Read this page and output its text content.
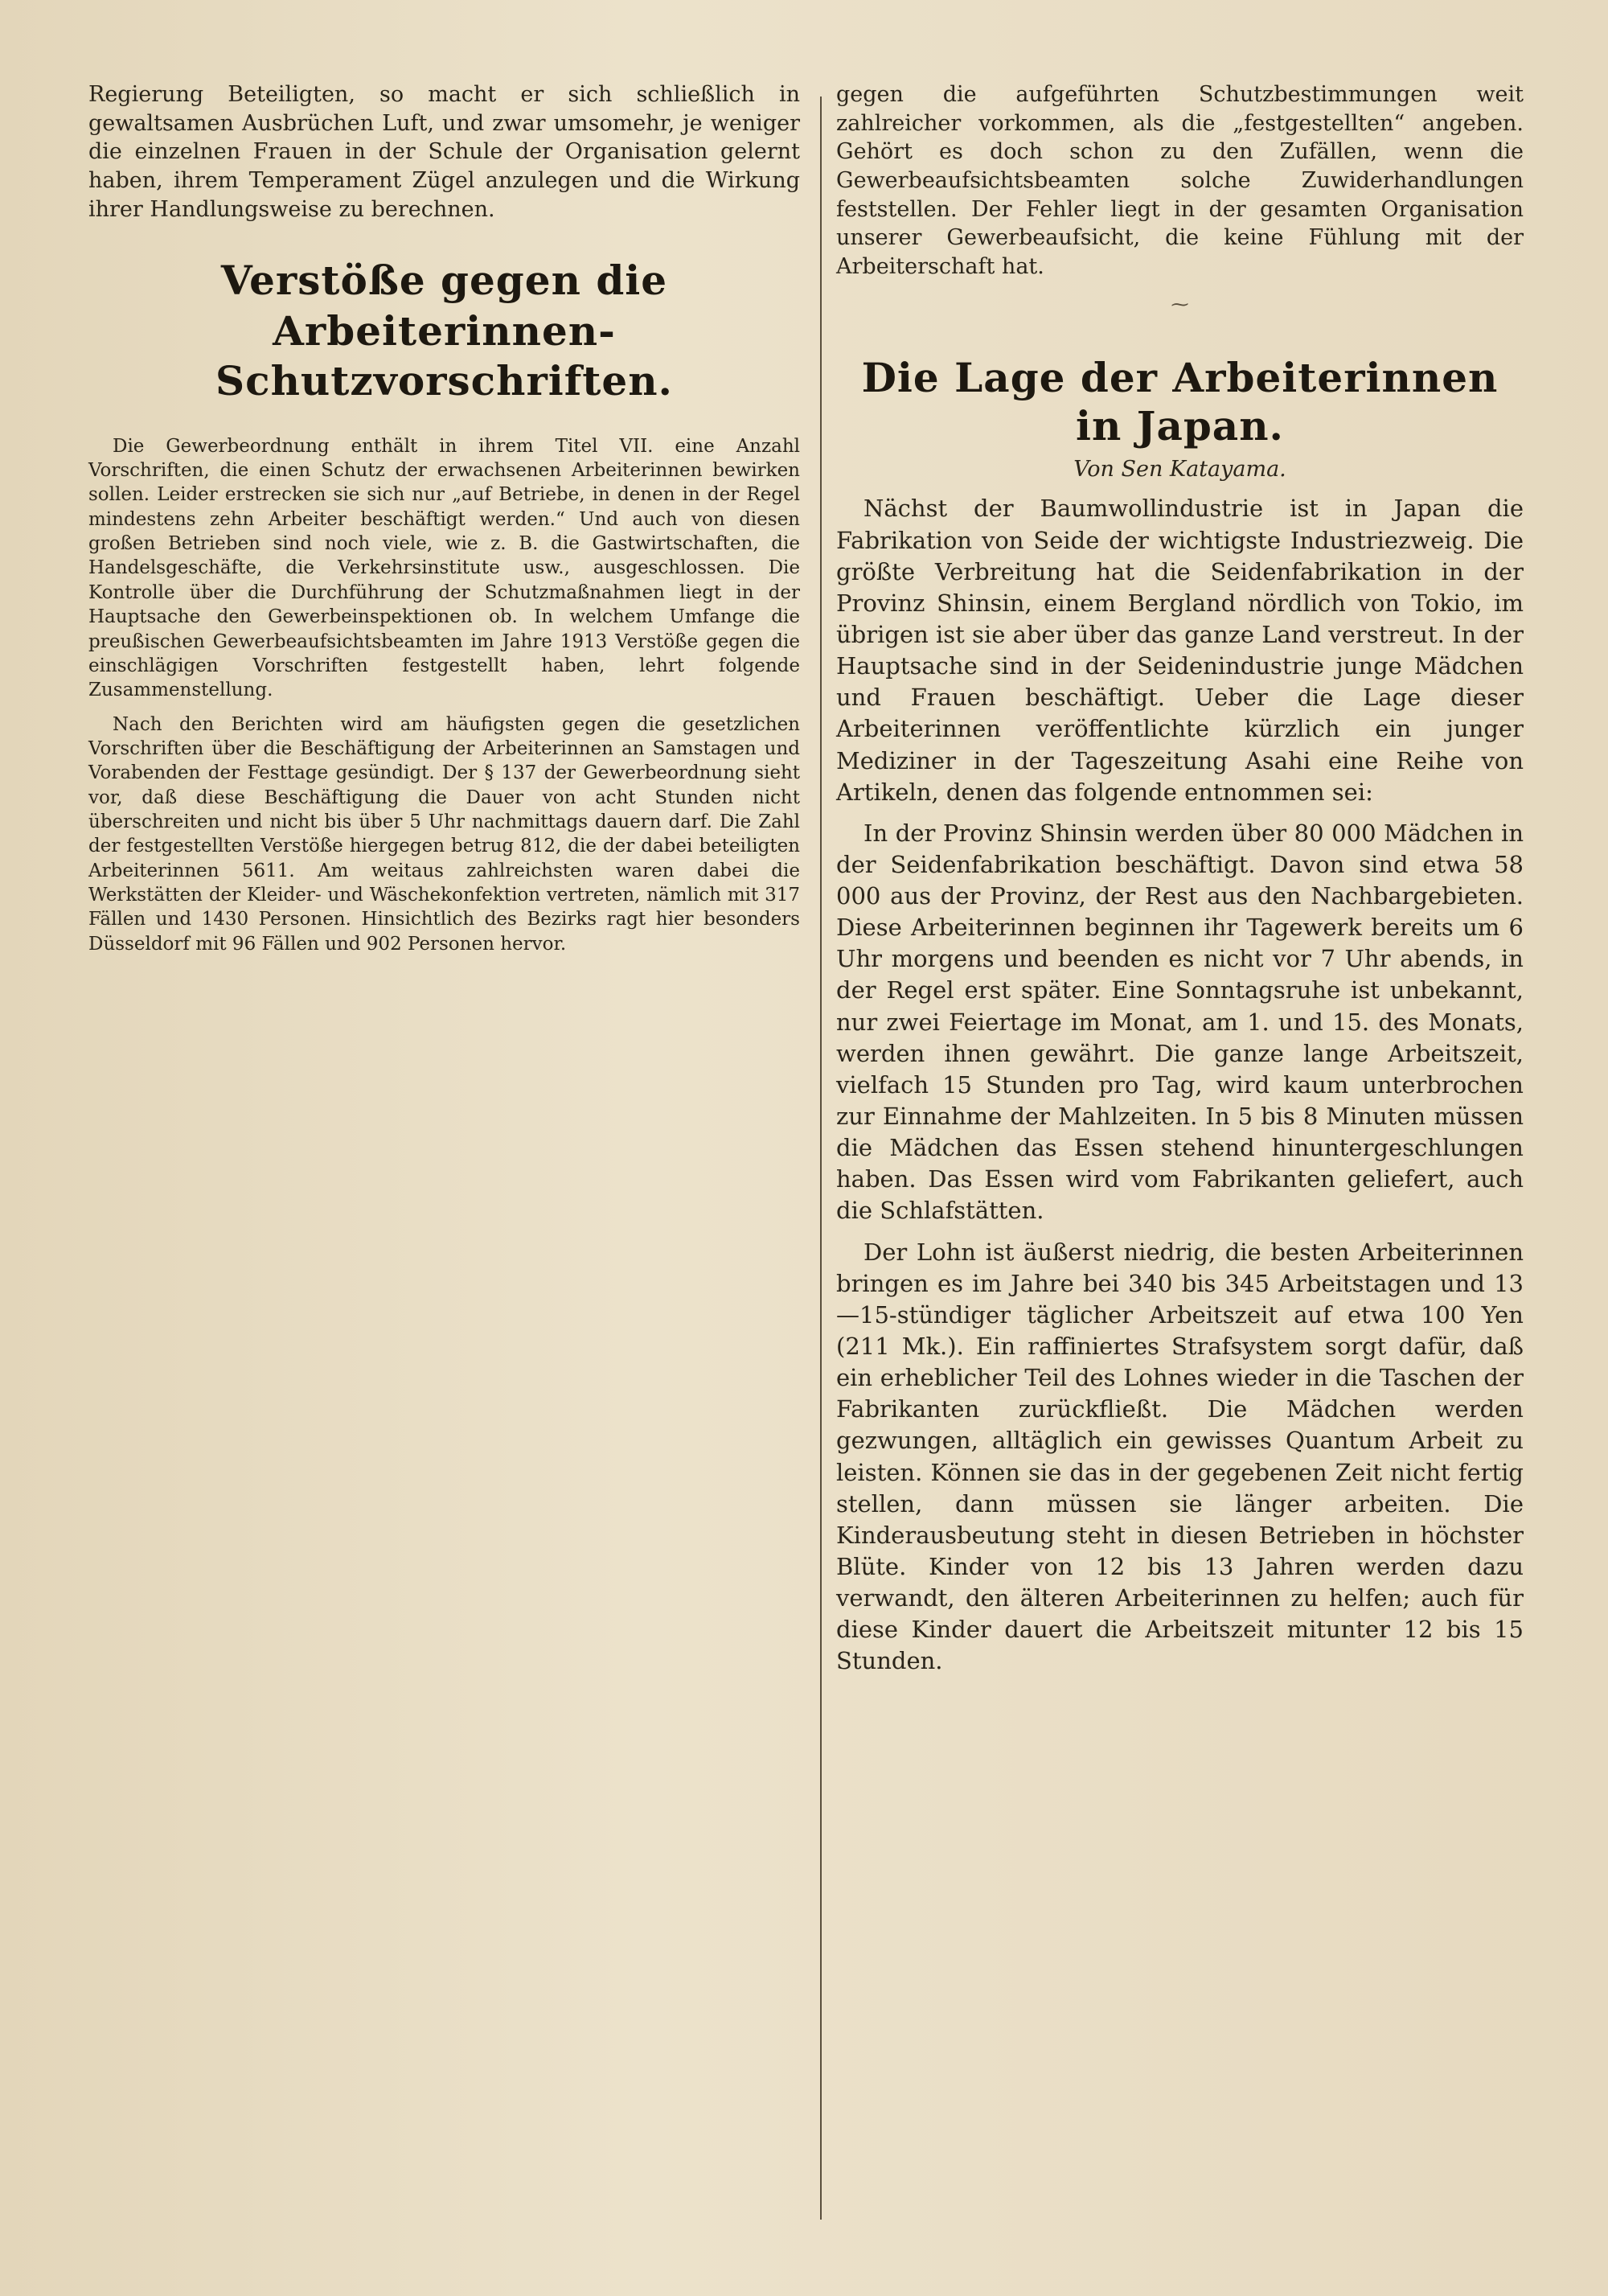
Regierung Beteiligten, so macht er sich schließlich in gewaltsamen Ausbrüchen Luft, und zwar umsomehr, je weniger die einzelnen Frauen in der Schule der Organisation gelernt haben, ihrem Temperament Zügel anzulegen und die Wirkung ihrer Handlungsweise zu berechnen.

Verstöße gegen die Arbeiterinnen-Schutzvorschriften.

Die Gewerbeordnung enthält in ihrem Titel VII. eine Anzahl Vorschriften, die einen Schutz der erwachsenen Arbeiterinnen bewirken sollen. Leider erstrecken sie sich nur „auf Betriebe, in denen in der Regel mindestens zehn Arbeiter beschäftigt werden.“ Und auch von diesen großen Betrieben sind noch viele, wie z. B. die Gastwirtschaften, die Handelsgeschäfte, die Verkehrsinstitute usw., ausgeschlossen. Die Kontrolle über die Durchführung der Schutzmaßnahmen liegt in der Hauptsache den Gewerbeinspektionen ob. In welchem Umfange die preußischen Gewerbeaufsichtsbeamten im Jahre 1913 Verstöße gegen die einschlägigen Vorschriften festgestellt haben, lehrt folgende Zusammenstellung.

Nach den Berichten wird am häufigsten gegen die gesetzlichen Vorschriften über die Beschäftigung der Arbeiterinnen an Samstagen und Vorabenden der Festtage gesündigt. Der § 137 der Gewerbeordnung sieht vor, daß diese Beschäftigung die Dauer von acht Stunden nicht überschreiten und nicht bis über 5 Uhr nachmittags dauern darf. Die Zahl der festgestellten Verstöße hiergegen betrug 812, die der dabei beteiligten Arbeiterinnen 5611. Am weitaus zahlreichsten waren dabei die Werkstätten der Kleider- und Wäschekonfektion vertreten, nämlich mit 317 Fällen und 1430 Personen. Hinsichtlich des Bezirks ragt hier besonders Düsseldorf mit 96 Fällen und 902 Personen hervor.

gegen die aufgeführten Schutzbestimmungen weit zahlreicher vorkommen, als die „festgestellten“ angeben. Gehört es doch schon zu den Zufällen, wenn die Gewerbeaufsichtsbeamten solche Zuwiderhandlungen feststellen. Der Fehler liegt in der gesamten Organisation unserer Gewerbeaufsicht, die keine Fühlung mit der Arbeiterschaft hat.

⁓
Die Lage der Arbeiterinnen in Japan.
Von Sen Katayama.

Nächst der Baumwollindustrie ist in Japan die Fabrikation von Seide der wichtigste Industriezweig. Die größte Verbreitung hat die Seidenfabrikation in der Provinz Shinsin, einem Bergland nördlich von Tokio, im übrigen ist sie aber über das ganze Land verstreut. In der Hauptsache sind in der Seidenindustrie junge Mädchen und Frauen beschäftigt. Ueber die Lage dieser Arbeiterinnen veröffentlichte kürzlich ein junger Mediziner in der Tageszeitung Asahi eine Reihe von Artikeln, denen das folgende entnommen sei:

In der Provinz Shinsin werden über 80 000 Mädchen in der Seidenfabrikation beschäftigt. Davon sind etwa 58 000 aus der Provinz, der Rest aus den Nachbargebieten. Diese Arbeiterinnen beginnen ihr Tagewerk bereits um 6 Uhr morgens und beenden es nicht vor 7 Uhr abends, in der Regel erst später. Eine Sonntagsruhe ist unbekannt, nur zwei Feiertage im Monat, am 1. und 15. des Monats, werden ihnen gewährt. Die ganze lange Arbeitszeit, vielfach 15 Stunden pro Tag, wird kaum unterbrochen zur Einnahme der Mahlzeiten. In 5 bis 8 Minuten müssen die Mädchen das Essen stehend hinuntergeschlungen haben. Das Essen wird vom Fabrikanten geliefert, auch die Schlafstätten.

Der Lohn ist äußerst niedrig, die besten Arbeiterinnen bringen es im Jahre bei 340 bis 345 Arbeitstagen und 13—15-stündiger täglicher Arbeitszeit auf etwa 100 Yen (211 Mk.). Ein raffiniertes Strafsystem sorgt dafür, daß ein erheblicher Teil des Lohnes wieder in die Taschen der Fabrikanten zurückfließt. Die Mädchen werden gezwungen, alltäglich ein gewisses Quantum Arbeit zu leisten. Können sie das in der gegebenen Zeit nicht fertig stellen, dann müssen sie länger arbeiten. Die Kinderausbeutung steht in diesen Betrieben in höchster Blüte. Kinder von 12 bis 13 Jahren werden dazu verwandt, den älteren Arbeiterinnen zu helfen; auch für diese Kinder dauert die Arbeitszeit mitunter 12 bis 15 Stunden.
